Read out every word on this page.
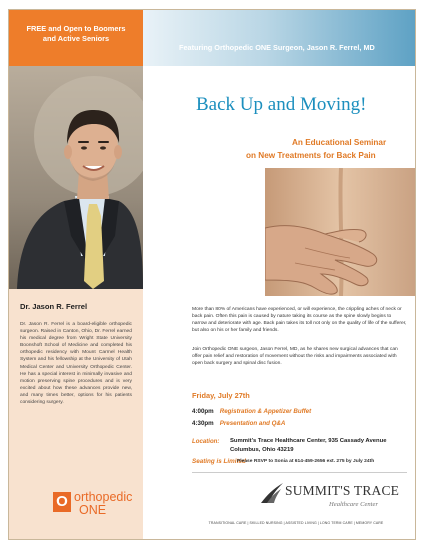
FREE and Open to Boomers
and Active Seniors
Featuring Orthopedic ONE Surgeon, Jason R. Ferrel, MD
Dr. Jason R. Ferrel

Dr. Jason R. Ferrel is a board-eligible orthopedic surgeon. Raised in Canton, Ohio, Dr. Ferrel earned his medical degree from Wright State University Boonshoft School of Medicine and completed his orthopedic residency with Mount Carmel Health System and his fellowship at the University of Utah Medical Center and University Orthopedic Center. He has a special interest in minimally invasive and motion preserving spine procedures and is very excited about how these advances provide new, and many times better, options for his patients considering surgery.

O orthopedic
ONE
Back Up and Moving!
An Educational Seminar
on New Treatments for Back Pain

More than 80% of Americans have experienced, or will experience, the crippling aches of neck or back pain. Often this pain is caused by nature taking its course as the spine slowly begins to narrow and deteriorate with age. Back pain takes its toll not only on the quality of life of the sufferer, but also on his or her family and friends.

Join Orthopedic ONE surgeon, Jason Ferrel, MD, as he shares new surgical advances that can offer pain relief and restoration of movement without the risks and impairments associated with open back surgery and spinal disc fusion.

Friday, July 27th
4:00pm Registration & Appetizer Buffet
4:30pm Presentation and Q&A
Location: Summit's Trace Healthcare Center, 935 Cassady Avenue
Columbus, Ohio 43219
Seating is Limited
Please RSVP to Sonia at 614-459-2656 ext. 275 by July 24th
SUMMIT'S TRACE
Healthcare Center
TRANSITIONAL CARE | SKILLED NURSING | ASSISTED LIVING | LONG TERM CARE | MEMORY CARE
